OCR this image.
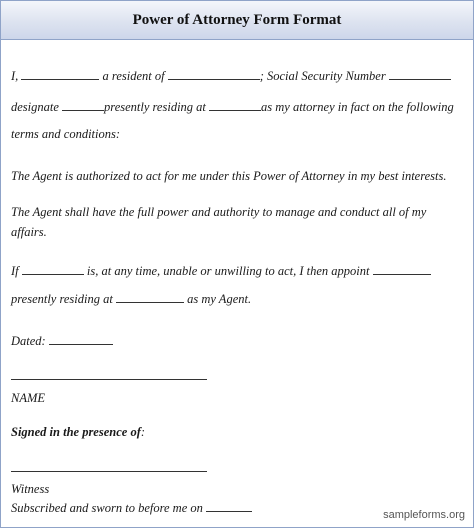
Power of Attorney Form Format
I,	a resident of	; Social Security Number
designate	presently residing at	as my attorney in fact on the following
terms and conditions:
The Agent is authorized to act for me under this Power of Attorney in my best interests.
The Agent shall have the full power and authority to manage and conduct all of my
affairs.
If	is, at any time, unable or unwilling to act, I then appoint
presently residing at	as my Agent.
Dated:
NAME
Signed in the presence of:
Witness
Subscribed and sworn to before me on	sampleforms.org
